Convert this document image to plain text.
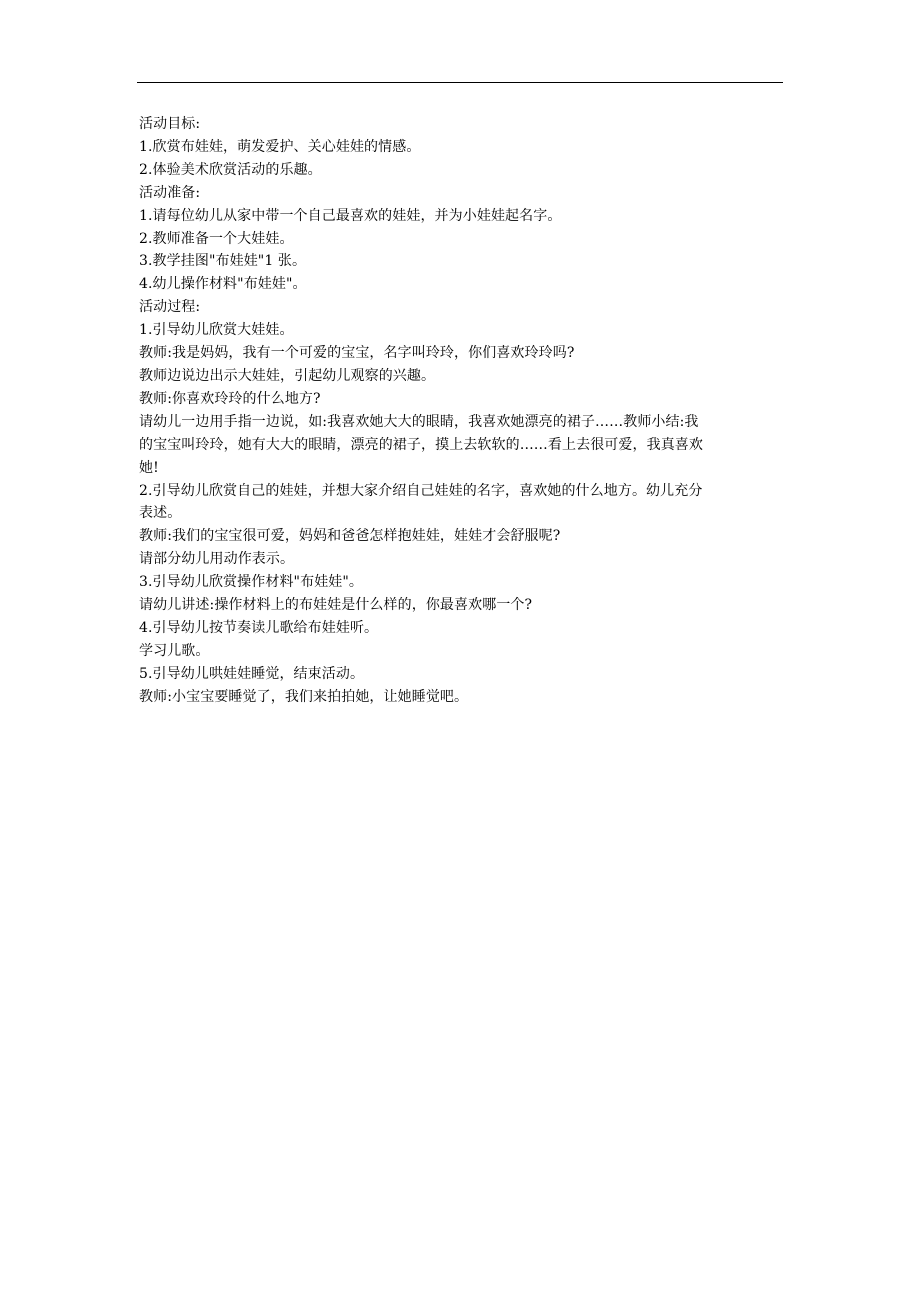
活动目标:
1.欣赏布娃娃，萌发爱护、关心娃娃的情感。
2.体验美术欣赏活动的乐趣。
活动准备:
1.请每位幼儿从家中带一个自己最喜欢的娃娃，并为小娃娃起名字。
2.教师准备一个大娃娃。
3.教学挂图"布娃娃"1 张。
4.幼儿操作材料"布娃娃"。
活动过程:
1.引导幼儿欣赏大娃娃。
教师:我是妈妈，我有一个可爱的宝宝，名字叫玲玲，你们喜欢玲玲吗?
教师边说边出示大娃娃，引起幼儿观察的兴趣。
教师:你喜欢玲玲的什么地方?
请幼儿一边用手指一边说，如:我喜欢她大大的眼睛，我喜欢她漂亮的裙子……教师小结:我
的宝宝叫玲玲，她有大大的眼睛，漂亮的裙子，摸上去软软的……看上去很可爱，我真喜欢
她!
2.引导幼儿欣赏自己的娃娃，并想大家介绍自己娃娃的名字，喜欢她的什么地方。幼儿充分
表述。
教师:我们的宝宝很可爱，妈妈和爸爸怎样抱娃娃，娃娃才会舒服呢?
请部分幼儿用动作表示。
3.引导幼儿欣赏操作材料"布娃娃"。
请幼儿讲述:操作材料上的布娃娃是什么样的，你最喜欢哪一个?
4.引导幼儿按节奏读儿歌给布娃娃听。
学习儿歌。
5.引导幼儿哄娃娃睡觉，结束活动。
教师:小宝宝要睡觉了，我们来拍拍她，让她睡觉吧。
